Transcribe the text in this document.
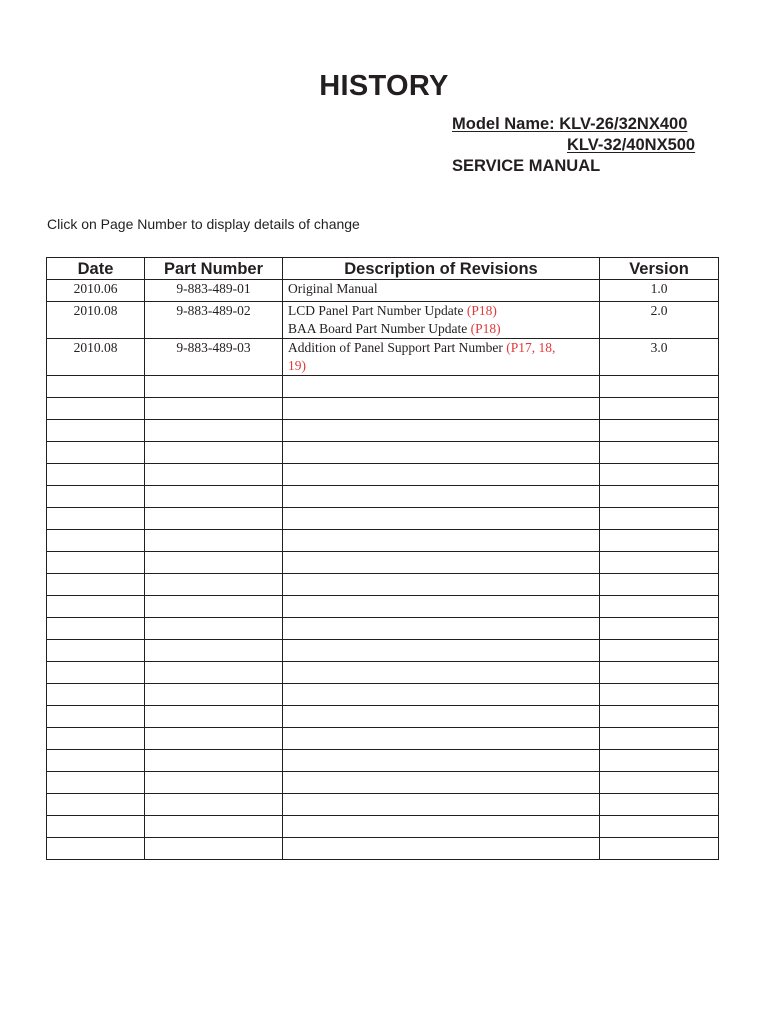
HISTORY
Model Name: KLV-26/32NX400
KLV-32/40NX500
SERVICE MANUAL
Click on Page Number to display details of change
Date	Part Number	Description of Revisions	Version
2010.06	9-883-489-01	Original Manual	1.0
2010.08	9-883-489-02	LCD Panel Part Number Update (P18)
BAA Board Part Number Update (P18)	2.0
2010.08	9-883-489-03	Addition of Panel Support Part Number (P17, 18,
19)	3.0
